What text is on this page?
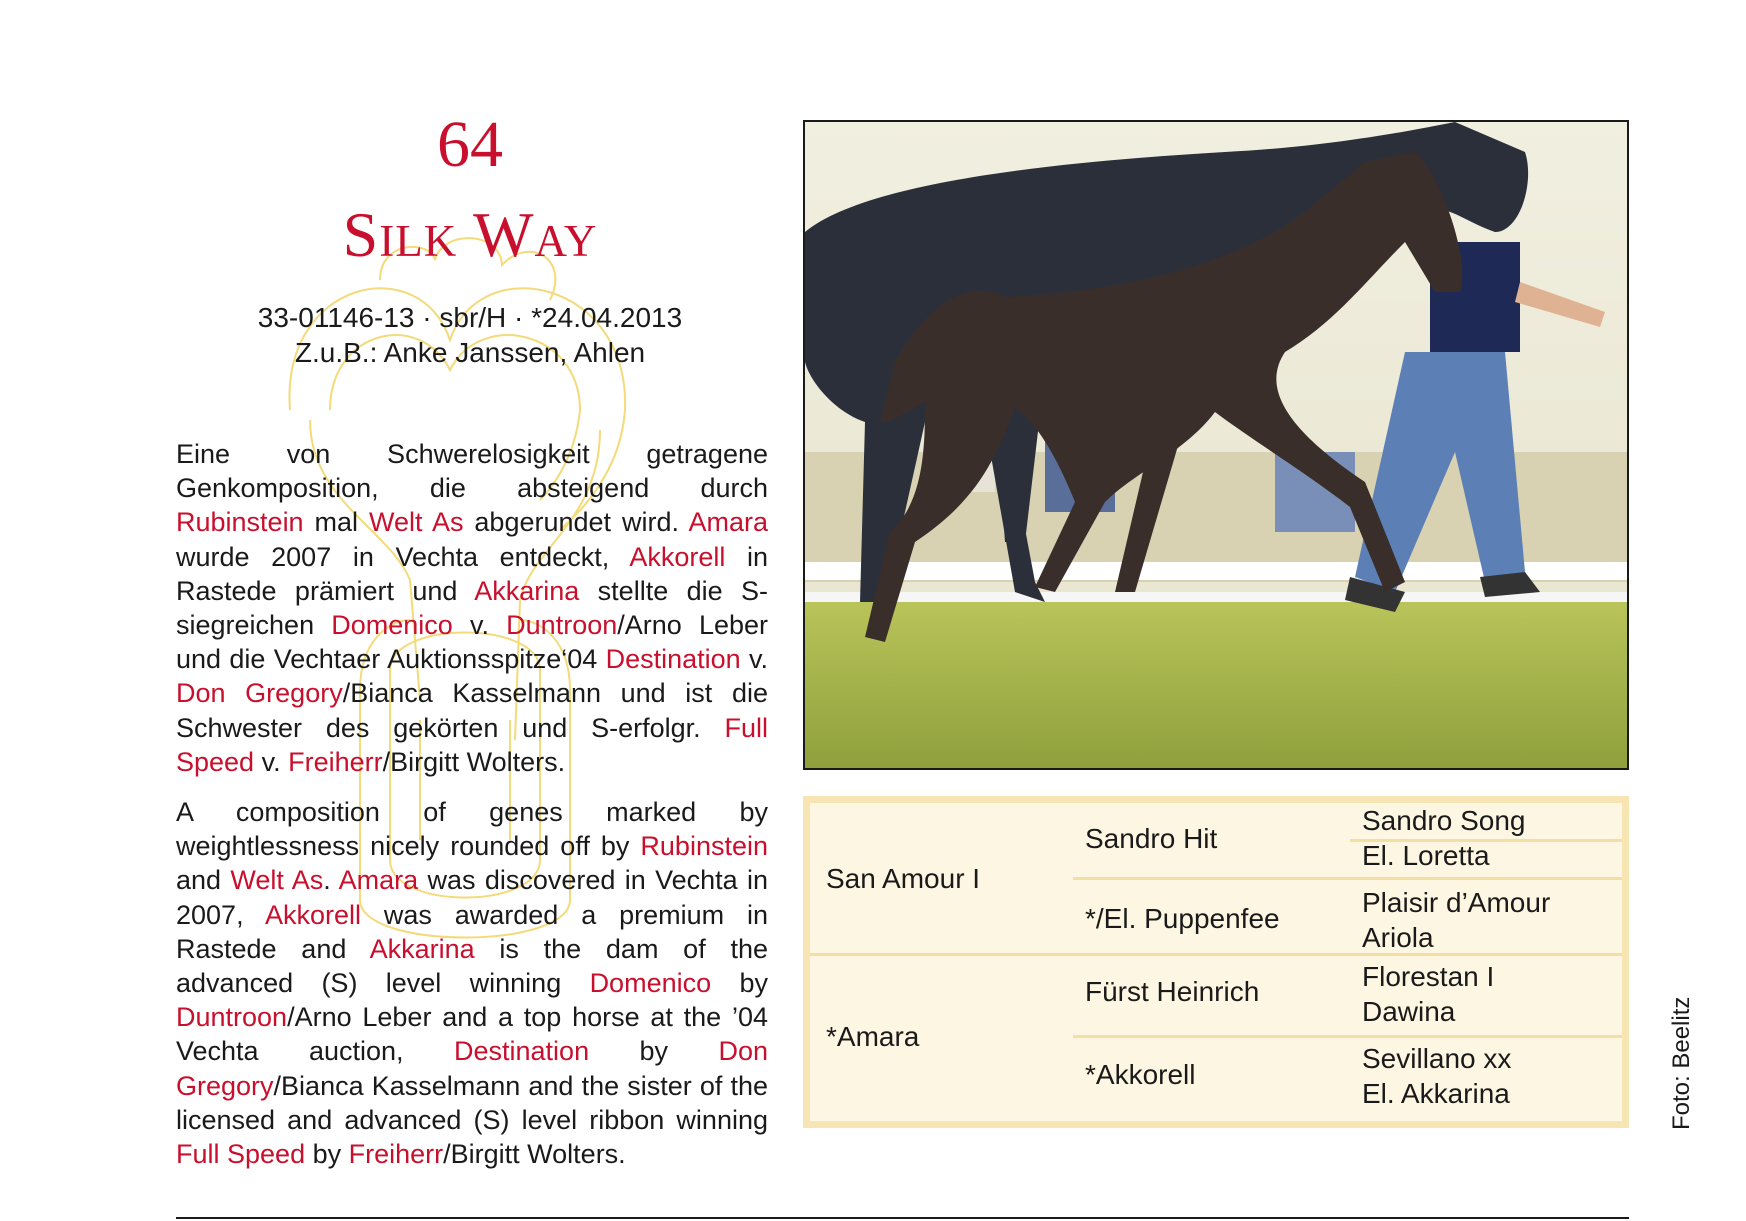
64
Silk Way
33-01146-13 · sbr/H · *24.04.2013
Z.u.B.: Anke Janssen, Ahlen
Eine von Schwerelosigkeit getragene Genkomposition, die absteigend durch Rubinstein mal Welt As abgerundet wird. Amara wurde 2007 in Vechta entdeckt, Akkorell in Rastede prämiert und Akkarina stellte die S-siegreichen Domenico v. Duntroon/Arno Leber und die Vechtaer Auktionsspitze‘04 Destination v. Don Gregory/Bianca Kasselmann und ist die Schwester des gekörten und S-erfolgr. Full Speed v. Freiherr/Birgitt Wolters.
A composition of genes marked by weightlessness nicely rounded off by Rubinstein and Welt As. Amara was discovered in Vechta in 2007, Akkorell was awarded a premium in Rastede and Akkarina is the dam of the advanced (S) level winning Domenico by Duntroon/Arno Leber and a top horse at the ’04 Vechta auction, Destination by Don Gregory/Bianca Kasselmann and the sister of the licensed and advanced (S) level ribbon winning Full Speed by Freiherr/Birgitt Wolters.
San Amour I
*Amara
Sandro Hit
*/El. Puppenfee
Fürst Heinrich
*Akkorell
Sandro Song
El. Loretta
Plaisir d’Amour
Ariola
Florestan I
Dawina
Sevillano xx
El. Akkarina	Foto: Beelitz
